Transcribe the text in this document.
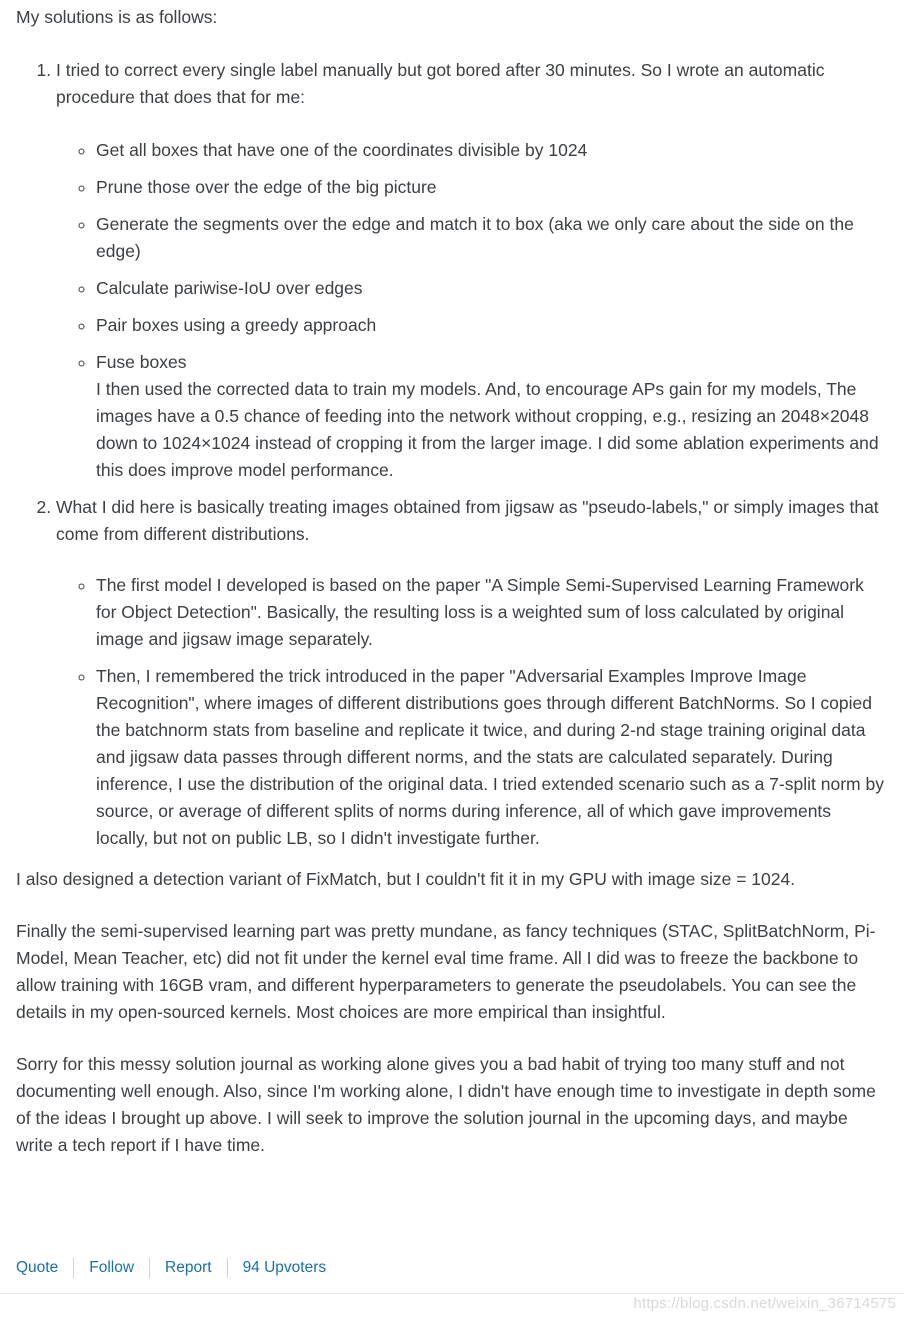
My solutions is as follows:

1. I tried to correct every single label manually but got bored after 30 minutes. So I wrote an automatic procedure that does that for me:
◦ Get all boxes that have one of the coordinates divisible by 1024
◦ Prune those over the edge of the big picture
◦ Generate the segments over the edge and match it to box (aka we only care about the side on the edge)
◦ Calculate pariwise-IoU over edges
◦ Pair boxes using a greedy approach
◦ Fuse boxes
I then used the corrected data to train my models. And, to encourage APs gain for my models, The images have a 0.5 chance of feeding into the network without cropping, e.g., resizing an 2048×2048 down to 1024×1024 instead of cropping it from the larger image. I did some ablation experiments and this does improve model performance.
2. What I did here is basically treating images obtained from jigsaw as "pseudo-labels," or simply images that come from different distributions.
◦ The first model I developed is based on the paper "A Simple Semi-Supervised Learning Framework for Object Detection". Basically, the resulting loss is a weighted sum of loss calculated by original image and jigsaw image separately.
◦ Then, I remembered the trick introduced in the paper "Adversarial Examples Improve Image Recognition", where images of different distributions goes through different BatchNorms. So I copied the batchnorm stats from baseline and replicate it twice, and during 2-nd stage training original data and jigsaw data passes through different norms, and the stats are calculated separately. During inference, I use the distribution of the original data. I tried extended scenario such as a 7-split norm by source, or average of different splits of norms during inference, all of which gave improvements locally, but not on public LB, so I didn't investigate further.

I also designed a detection variant of FixMatch, but I couldn't fit it in my GPU with image size = 1024.

Finally the semi-supervised learning part was pretty mundane, as fancy techniques (STAC, SplitBatchNorm, Pi-Model, Mean Teacher, etc) did not fit under the kernel eval time frame. All I did was to freeze the backbone to allow training with 16GB vram, and different hyperparameters to generate the pseudolabels. You can see the details in my open-sourced kernels. Most choices are more empirical than insightful.

Sorry for this messy solution journal as working alone gives you a bad habit of trying too many stuff and not documenting well enough. Also, since I'm working alone, I didn't have enough time to investigate in depth some of the ideas I brought up above. I will seek to improve the solution journal in the upcoming days, and maybe write a tech report if I have time.

Quote Follow Report 94 Upvoters
https://blog.csdn.net/weixin_36714575
